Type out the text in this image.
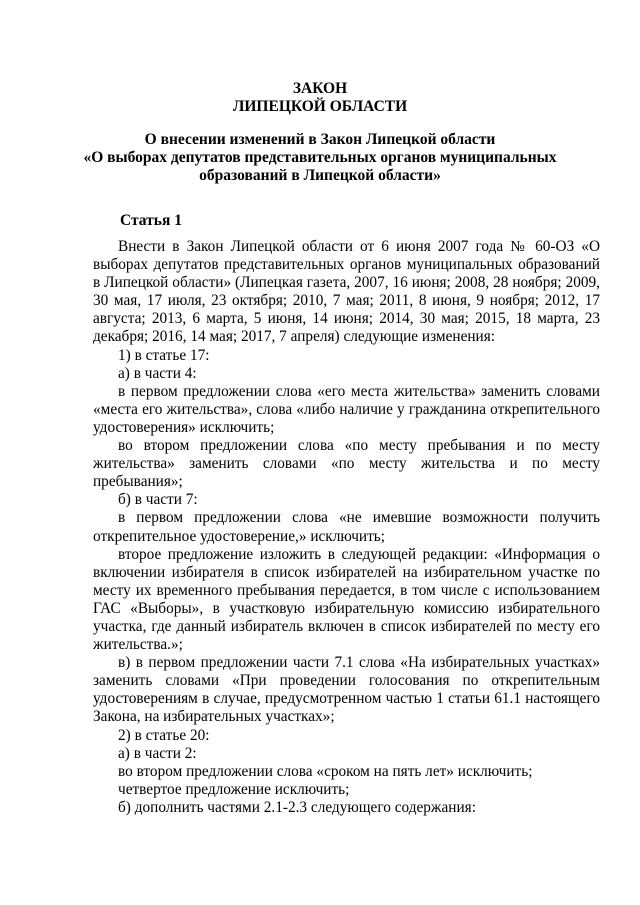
ЗАКОН
ЛИПЕЦКОЙ ОБЛАСТИ
О внесении изменений в Закон Липецкой области
«О выборах депутатов представительных органов муниципальных
образований в Липецкой области»
Статья 1

Внести в Закон Липецкой области от 6 июня 2007 года № 60-ОЗ «О выборах депутатов представительных органов муниципальных образований в Липецкой области» (Липецкая газета, 2007, 16 июня; 2008, 28 ноября; 2009, 30 мая, 17 июля, 23 октября; 2010, 7 мая; 2011, 8 июня, 9 ноября; 2012, 17 августа; 2013, 6 марта, 5 июня, 14 июня; 2014, 30 мая; 2015, 18 марта, 23 декабря; 2016, 14 мая; 2017, 7 апреля) следующие изменения:

1) в статье 17:

а) в части 4:

в первом предложении слова «его места жительства» заменить словами «места его жительства», слова «либо наличие у гражданина открепительного удостоверения» исключить;

во втором предложении слова «по месту пребывания и по месту жительства» заменить словами «по месту жительства и по месту пребывания»;

б) в части 7:

в первом предложении слова «не имевшие возможности получить открепительное удостоверение,» исключить;

второе предложение изложить в следующей редакции: «Информация о включении избирателя в список избирателей на избирательном участке по месту их временного пребывания передается, в том числе с использованием ГАС «Выборы», в участковую избирательную комиссию избирательного участка, где данный избиратель включен в список избирателей по месту его жительства.»;

в) в первом предложении части 7.1 слова «На избирательных участках» заменить словами «При проведении голосования по открепительным удостоверениям в случае, предусмотренном частью 1 статьи 61.1 настоящего Закона, на избирательных участках»;

2) в статье 20:

а) в части 2:

во втором предложении слова «сроком на пять лет» исключить;

четвертое предложение исключить;

б) дополнить частями 2.1-2.3 следующего содержания:
